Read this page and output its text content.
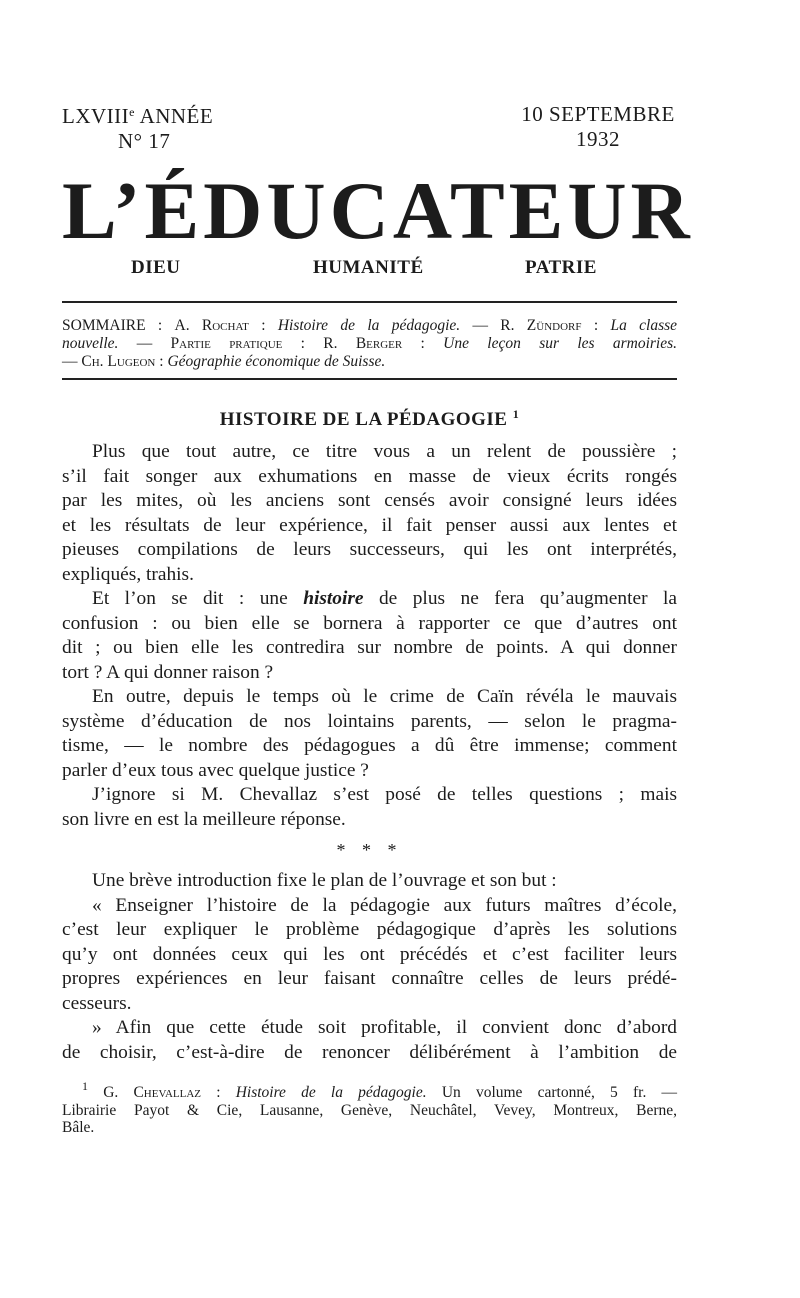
LXVIIIe ANNÉE
N° 17
10 SEPTEMBRE
1932
L’ÉDUCATEUR
DIEU	HUMANITÉ	PATRIE
SOMMAIRE : A. Rochat : Histoire de la pédagogie. — R. Zündorf : La classe
nouvelle. — Partie pratique : R. Berger : Une leçon sur les armoiries.
— Ch. Lugeon : Géographie économique de Suisse.
HISTOIRE DE LA PÉDAGOGIE $^1$
Plus que tout autre, ce titre vous a un relent de poussière ;
s’il fait songer aux exhumations en masse de vieux écrits rongés
par les mites, où les anciens sont censés avoir consigné leurs idées
et les résultats de leur expérience, il fait penser aussi aux lentes et
pieuses compilations de leurs successeurs, qui les ont interprétés,
expliqués, trahis.
Et l’on se dit : une histoire de plus ne fera qu’augmenter la
confusion : ou bien elle se bornera à rapporter ce que d’autres ont
dit ; ou bien elle les contredira sur nombre de points. A qui donner
tort ? A qui donner raison ?
En outre, depuis le temps où le crime de Caïn révéla le mauvais
système d’éducation de nos lointains parents, — selon le pragma-
tisme, — le nombre des pédagogues a dû être immense; comment
parler d’eux tous avec quelque justice ?
J’ignore si M. Chevallaz s’est posé de telles questions ; mais
son livre en est la meilleure réponse.
* * *
Une brève introduction fixe le plan de l’ouvrage et son but :
« Enseigner l’histoire de la pédagogie aux futurs maîtres d’école,
c’est leur expliquer le problème pédagogique d’après les solutions
qu’y ont données ceux qui les ont précédés et c’est faciliter leurs
propres expériences en leur faisant connaître celles de leurs prédé-
cesseurs.
» Afin que cette étude soit profitable, il convient donc d’abord
de choisir, c’est-à-dire de renoncer délibérément à l’ambition de
$^1$ G. Chevallaz : Histoire de la pédagogie. Un volume cartonné, 5 fr. —
Librairie Payot & Cie, Lausanne, Genève, Neuchâtel, Vevey, Montreux, Berne,
Bâle.
